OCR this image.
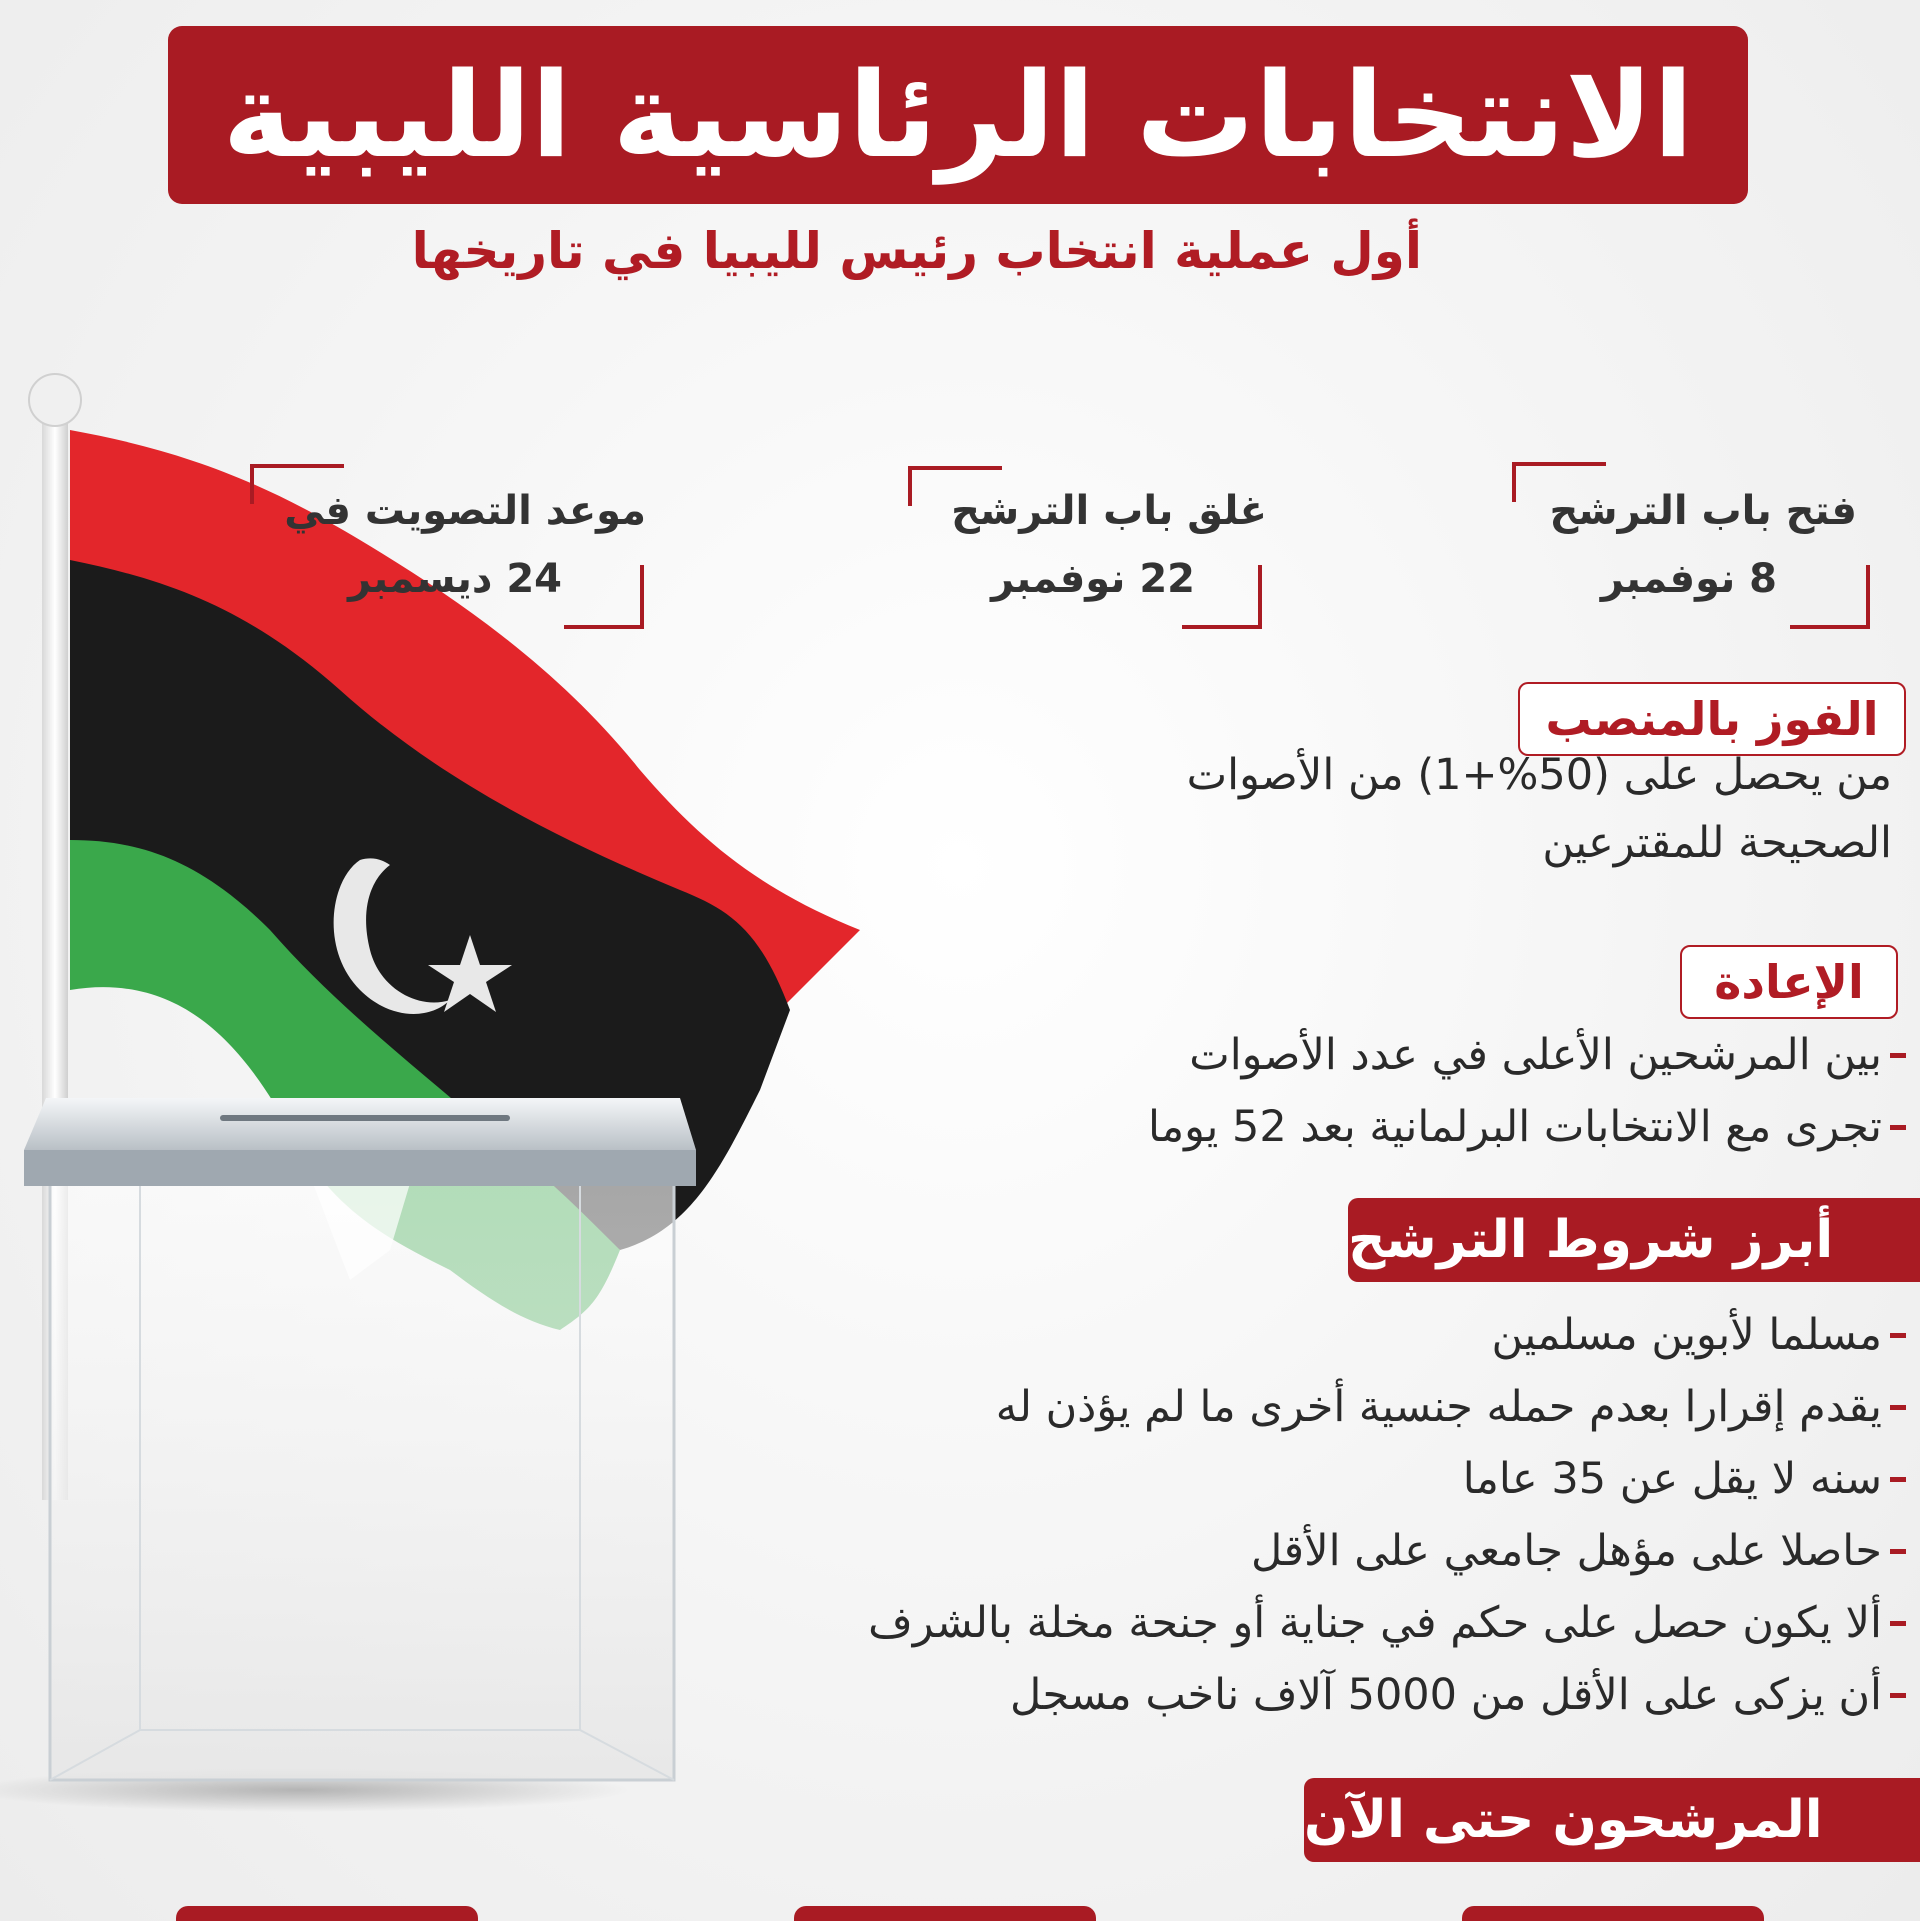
الانتخابات الرئاسية الليبية
أول عملية انتخاب رئيس لليبيا في تاريخها
فتح باب الترشح
8 نوفمبر
غلق باب الترشح
22 نوفمبر
موعد التصويت في
24 ديسمبر
الفوز بالمنصب
من يحصل على (50%+1) من الأصوات
الصحيحة للمقترعين
الإعادة
بين المرشحين الأعلى في عدد الأصوات
تجرى مع الانتخابات البرلمانية بعد 52 يوما
أبرز شروط الترشح
مسلما لأبوين مسلمين
يقدم إقرارا بعدم حمله جنسية أخرى ما لم يؤذن له
سنه لا يقل عن 35 عاما
حاصلا على مؤهل جامعي على الأقل
ألا يكون حصل على حكم في جناية أو جنحة مخلة بالشرف
أن يزكى على الأقل من 5000 آلاف ناخب مسجل
المرشحون حتى الآن
